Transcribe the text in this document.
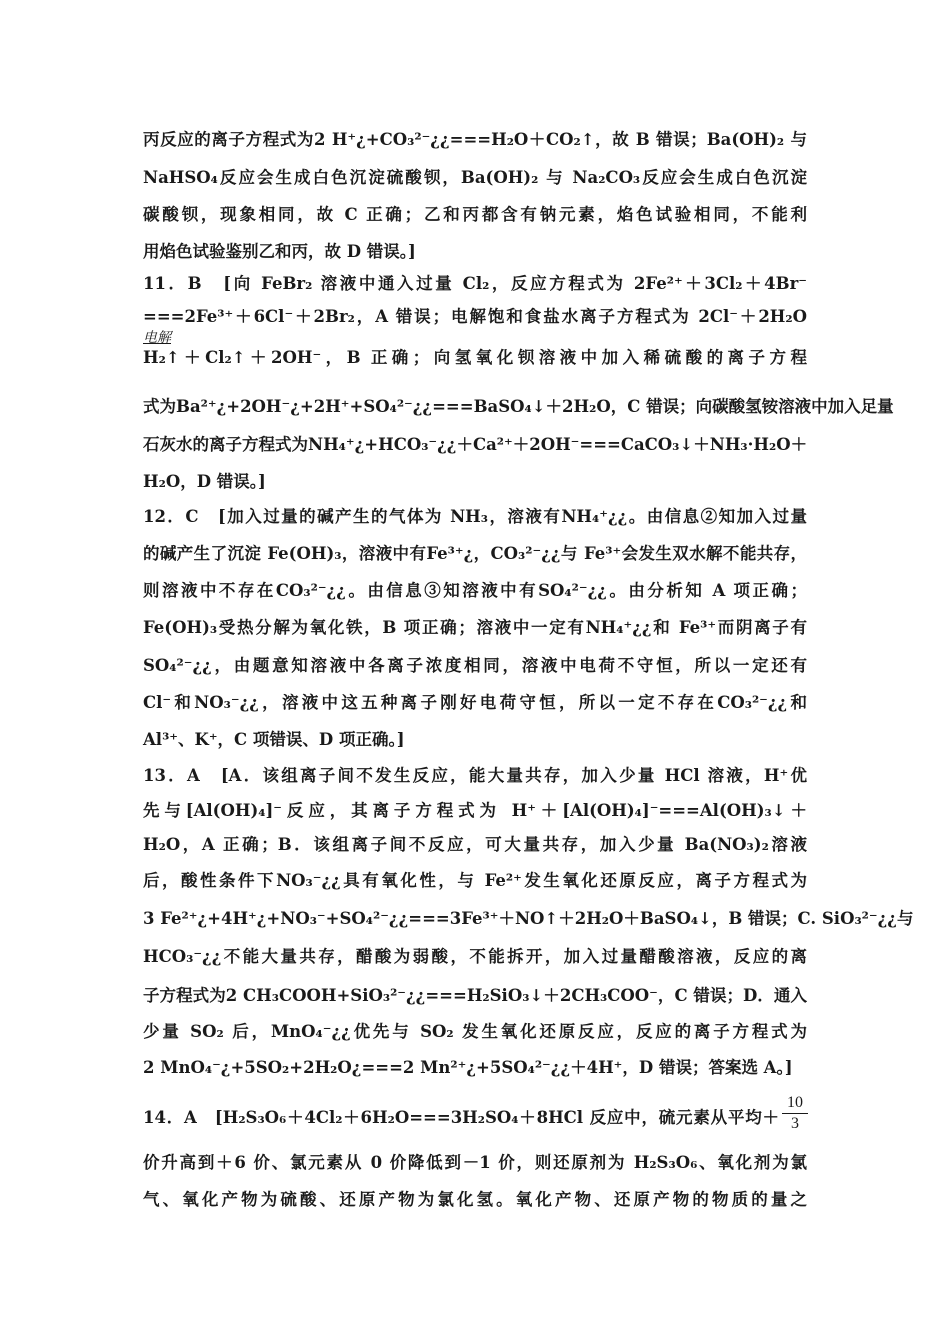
丙反应的离子方程式为2 H⁺¿+CO₃²⁻¿¿===H₂O＋CO₂↑，故 B 错误；Ba(OH)₂ 与
NaHSO₄反应会生成白色沉淀硫酸钡，Ba(OH)₂ 与 Na₂CO₃反应会生成白色沉淀
碳酸钡，现象相同，故 C 正确；乙和丙都含有钠元素，焰色试验相同，不能利
用焰色试验鉴别乙和丙，故 D 错误。]
11．B　[向 FeBr₂ 溶液中通入过量 Cl₂，反应方程式为 2Fe²⁺＋3Cl₂＋4Br⁻
===2Fe³⁺＋6Cl⁻＋2Br₂，A 错误；电解饱和食盐水离子方程式为 2Cl⁻＋2H₂O
电解
H₂↑＋Cl₂↑＋2OH⁻，B 正确；向氢氧化钡溶液中加入稀硫酸的离子方程
式为Ba²⁺¿+2OH⁻¿+2H⁺+SO₄²⁻¿¿===BaSO₄↓＋2H₂O，C 错误；向碳酸氢铵溶液中加入足量
石灰水的离子方程式为NH₄⁺¿+HCO₃⁻¿¿＋Ca²⁺＋2OH⁻===CaCO₃↓＋NH₃·H₂O＋
H₂O，D 错误。]
12．C　[加入过量的碱产生的气体为 NH₃，溶液有NH₄⁺¿¿。由信息②知加入过量
的碱产生了沉淀 Fe(OH)₃，溶液中有Fe³⁺¿，CO₃²⁻¿¿与 Fe³⁺会发生双水解不能共存，
则溶液中不存在CO₃²⁻¿¿。由信息③知溶液中有SO₄²⁻¿¿。由分析知 A 项正确；
Fe(OH)₃受热分解为氧化铁，B 项正确；溶液中一定有NH₄⁺¿¿和 Fe³⁺而阴离子有
SO₄²⁻¿¿，由题意知溶液中各离子浓度相同，溶液中电荷不守恒，所以一定还有
Cl⁻和NO₃⁻¿¿，溶液中这五种离子刚好电荷守恒，所以一定不存在CO₃²⁻¿¿和
Al³⁺、K⁺，C 项错误、D 项正确。]
13．A　[A．该组离子间不发生反应，能大量共存，加入少量 HCl 溶液，H⁺优
先与[Al(OH)₄]⁻反应，其离子方程式为 H⁺＋[Al(OH)₄]⁻===Al(OH)₃↓＋
H₂O，A 正确；B．该组离子间不反应，可大量共存，加入少量 Ba(NO₃)₂溶液
后，酸性条件下NO₃⁻¿¿具有氧化性，与 Fe²⁺发生氧化还原反应，离子方程式为
3 Fe²⁺¿+4H⁺¿+NO₃⁻+SO₄²⁻¿¿===3Fe³⁺＋NO↑＋2H₂O＋BaSO₄↓，B 错误；C. SiO₃²⁻¿¿与
HCO₃⁻¿¿不能大量共存，醋酸为弱酸，不能拆开，加入过量醋酸溶液，反应的离
子方程式为2 CH₃COOH+SiO₃²⁻¿¿===H₂SiO₃↓＋2CH₃COO⁻，C 错误；D．通入
少量 SO₂ 后，MnO₄⁻¿¿优先与 SO₂ 发生氧化还原反应，反应的离子方程式为
2 MnO₄⁻¿+5SO₂+2H₂O¿===2 Mn²⁺¿+5SO₄²⁻¿¿＋4H⁺，D 错误；答案选 A。]
14．A　[H₂S₃O₆＋4Cl₂＋6H₂O===3H₂SO₄＋8HCl 反应中，硫元素从平均＋ $\frac{10}{3}$
价升高到＋6 价、氯元素从 0 价降低到－1 价，则还原剂为 H₂S₃O₆、氧化剂为氯
气、氧化产物为硫酸、还原产物为氯化氢。氧化产物、还原产物的物质的量之
